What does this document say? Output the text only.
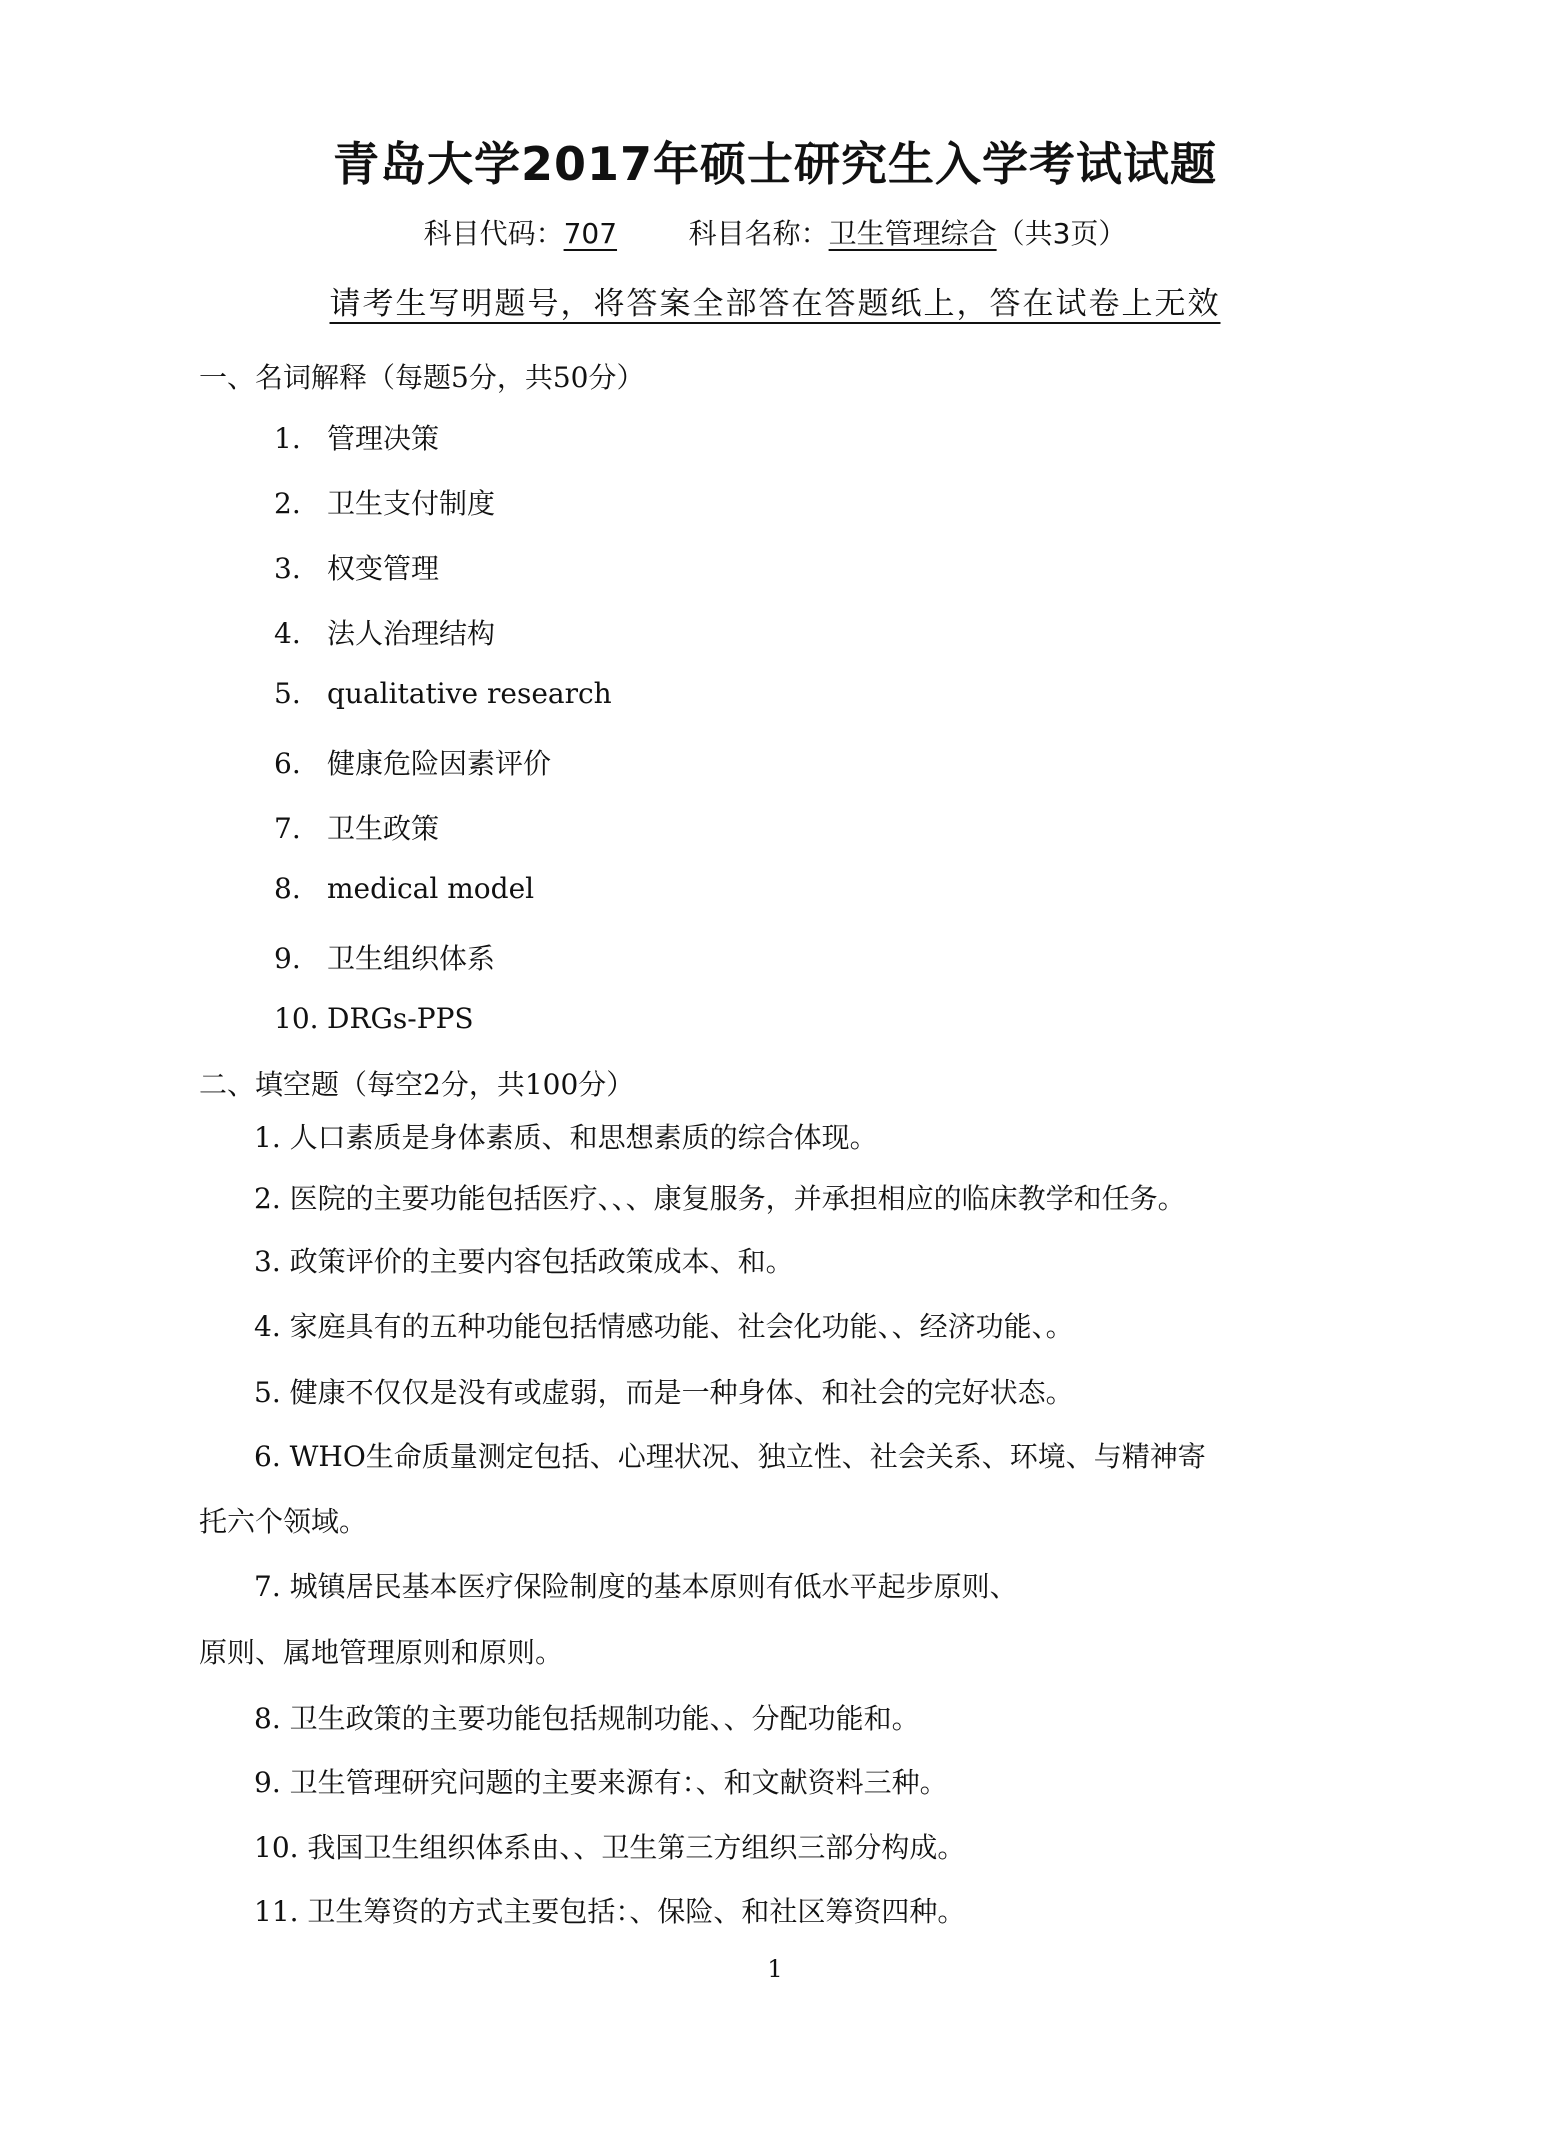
青岛大学2017年硕士研究生入学考试试题
科目代码：707	科目名称：卫生管理综合（共3页）
请考生写明题号，将答案全部答在答题纸上，答在试卷上无效
一、名词解释（每题5分，共50分）
1. 管理决策
2. 卫生支付制度
3. 权变管理
4. 法人治理结构
5. qualitative research
6. 健康危险因素评价
7. 卫生政策
8. medical model
9. 卫生组织体系
10. DRGs-PPS
二、填空题（每空2分，共100分）
1. 人口素质是身体素质、和思想素质的综合体现。
2. 医院的主要功能包括医疗、、、康复服务，并承担相应的临床教学和任务。
3. 政策评价的主要内容包括政策成本、和。
4. 家庭具有的五种功能包括情感功能、社会化功能、、经济功能、。
5. 健康不仅仅是没有或虚弱，而是一种身体、和社会的完好状态。
6. WHO生命质量测定包括、心理状况、独立性、社会关系、环境、与精神寄
托六个领域。
7. 城镇居民基本医疗保险制度的基本原则有低水平起步原则、
原则、属地管理原则和原则。
8. 卫生政策的主要功能包括规制功能、、分配功能和。
9. 卫生管理研究问题的主要来源有：、和文献资料三种。
10. 我国卫生组织体系由、、卫生第三方组织三部分构成。
11. 卫生筹资的方式主要包括：、保险、和社区筹资四种。
1
